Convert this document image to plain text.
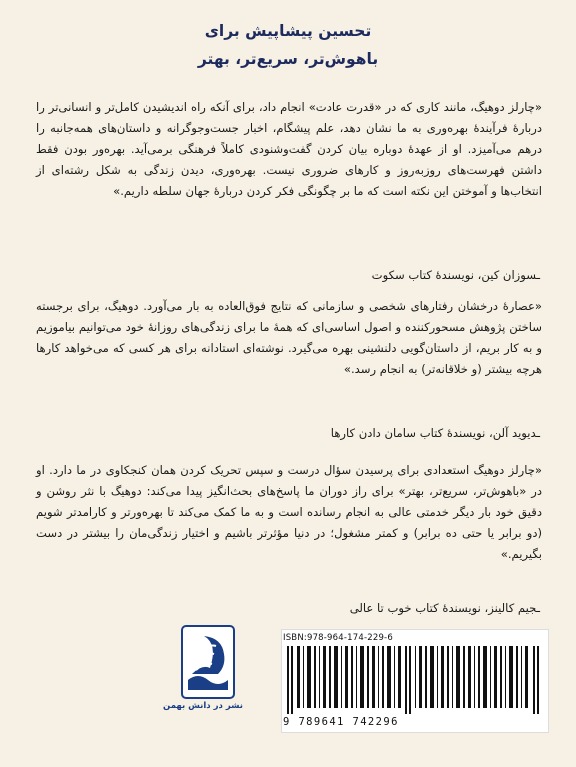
تحسین پیشاپیش برای
باهوش‌تر، سریع‌تر، بهتر
«چارلز دوهیگ، مانند کاری که در «قدرت عادت» انجام داد، برای آنکه راه اندیشیدن کامل‌تر و انسانی‌تر را دربارهٔ فرآیندهٔ بهره‌وری به ما نشان دهد، علم پیشگام، اخبار جست‌وجوگرانه و داستان‌های همه‌جانبه را درهم می‌آمیزد. او از عهدهٔ دوباره بیان کردن گفت‌وشنودی کاملاً فرهنگی برمی‌آید. بهره‌ور بودن فقط داشتن فهرست‌های روزبه‌روز و کارهای ضروری نیست. بهره‌وری، دیدن زندگی به شکل رشته‌ای از انتخاب‌ها و آموختن این نکته است که ما بر چگونگی فکر کردن دربارهٔ جهان سلطه داریم.»
ـسوزان کین، نویسندهٔ کتاب سکوت
«عصارهٔ درخشان رفتارهای شخصی و سازمانی که نتایج فوق‌العاده به بار می‌آورد. دوهیگ، برای برجسته ساختن پژوهش مسحورکننده و اصول اساسی‌ای که همهٔ ما برای زندگی‌های روزانهٔ خود می‌توانیم بیاموزیم و به کار بریم، از داستان‌گویی دلنشینی بهره می‌گیرد. نوشته‌ای استادانه برای هر کسی که می‌خواهد کارها هرچه بیشتر (و خلاقانه‌تر) به انجام رسد.»
ـدیوید آلن، نویسندهٔ کتاب سامان دادن کارها
«چارلز دوهیگ استعدادی برای پرسیدن سؤال درست و سپس تحریک کردن همان کنجکاوی در ما دارد. او در «باهوش‌تر، سریع‌تر، بهتر» برای راز دوران ما پاسخ‌های بحث‌انگیز پیدا می‌کند: دوهیگ با نثر روشن و دقیق خود بار دیگر خدمتی عالی به انجام رسانده است و به ما کمک می‌کند تا بهره‌ورتر و کارامدتر شویم (دو برابر یا حتی ده برابر) و کمتر مشغول؛ در دنیا مؤثرتر باشیم و اختیار زندگی‌مان را بیشتر در دست بگیریم.»
ـجیم کالینز، نویسندهٔ کتاب خوب تا عالی
نشر در دانش بهمن
ISBN:978-964-174-229-6
9 789641 742296
